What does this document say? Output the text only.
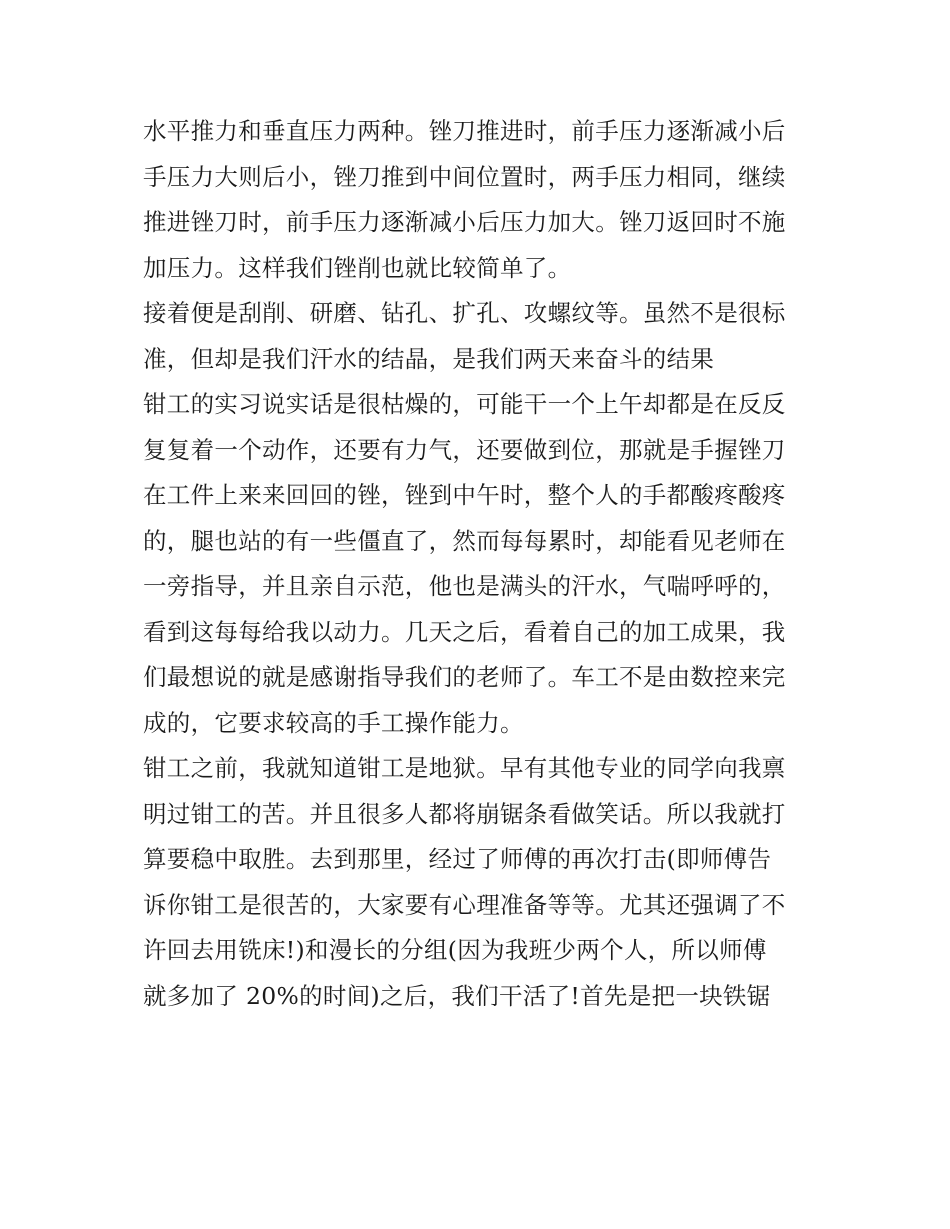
水平推力和垂直压力两种。锉刀推进时，前手压力逐渐减小后
手压力大则后小，锉刀推到中间位置时，两手压力相同，继续
推进锉刀时，前手压力逐渐减小后压力加大。锉刀返回时不施
加压力。这样我们锉削也就比较简单了。
接着便是刮削、研磨、钻孔、扩孔、攻螺纹等。虽然不是很标
准，但却是我们汗水的结晶，是我们两天来奋斗的结果
钳工的实习说实话是很枯燥的，可能干一个上午却都是在反反
复复着一个动作，还要有力气，还要做到位，那就是手握锉刀
在工件上来来回回的锉，锉到中午时，整个人的手都酸疼酸疼
的，腿也站的有一些僵直了，然而每每累时，却能看见老师在
一旁指导，并且亲自示范，他也是满头的汗水，气喘呼呼的，
看到这每每给我以动力。几天之后，看着自己的加工成果，我
们最想说的就是感谢指导我们的老师了。车工不是由数控来完
成的，它要求较高的手工操作能力。
钳工之前，我就知道钳工是地狱。早有其他专业的同学向我禀
明过钳工的苦。并且很多人都将崩锯条看做笑话。所以我就打
算要稳中取胜。去到那里，经过了师傅的再次打击(即师傅告
诉你钳工是很苦的，大家要有心理准备等等。尤其还强调了不
许回去用铣床!)和漫长的分组(因为我班少两个人，所以师傅
就多加了 20%的时间)之后，我们干活了!首先是把一块铁锯
